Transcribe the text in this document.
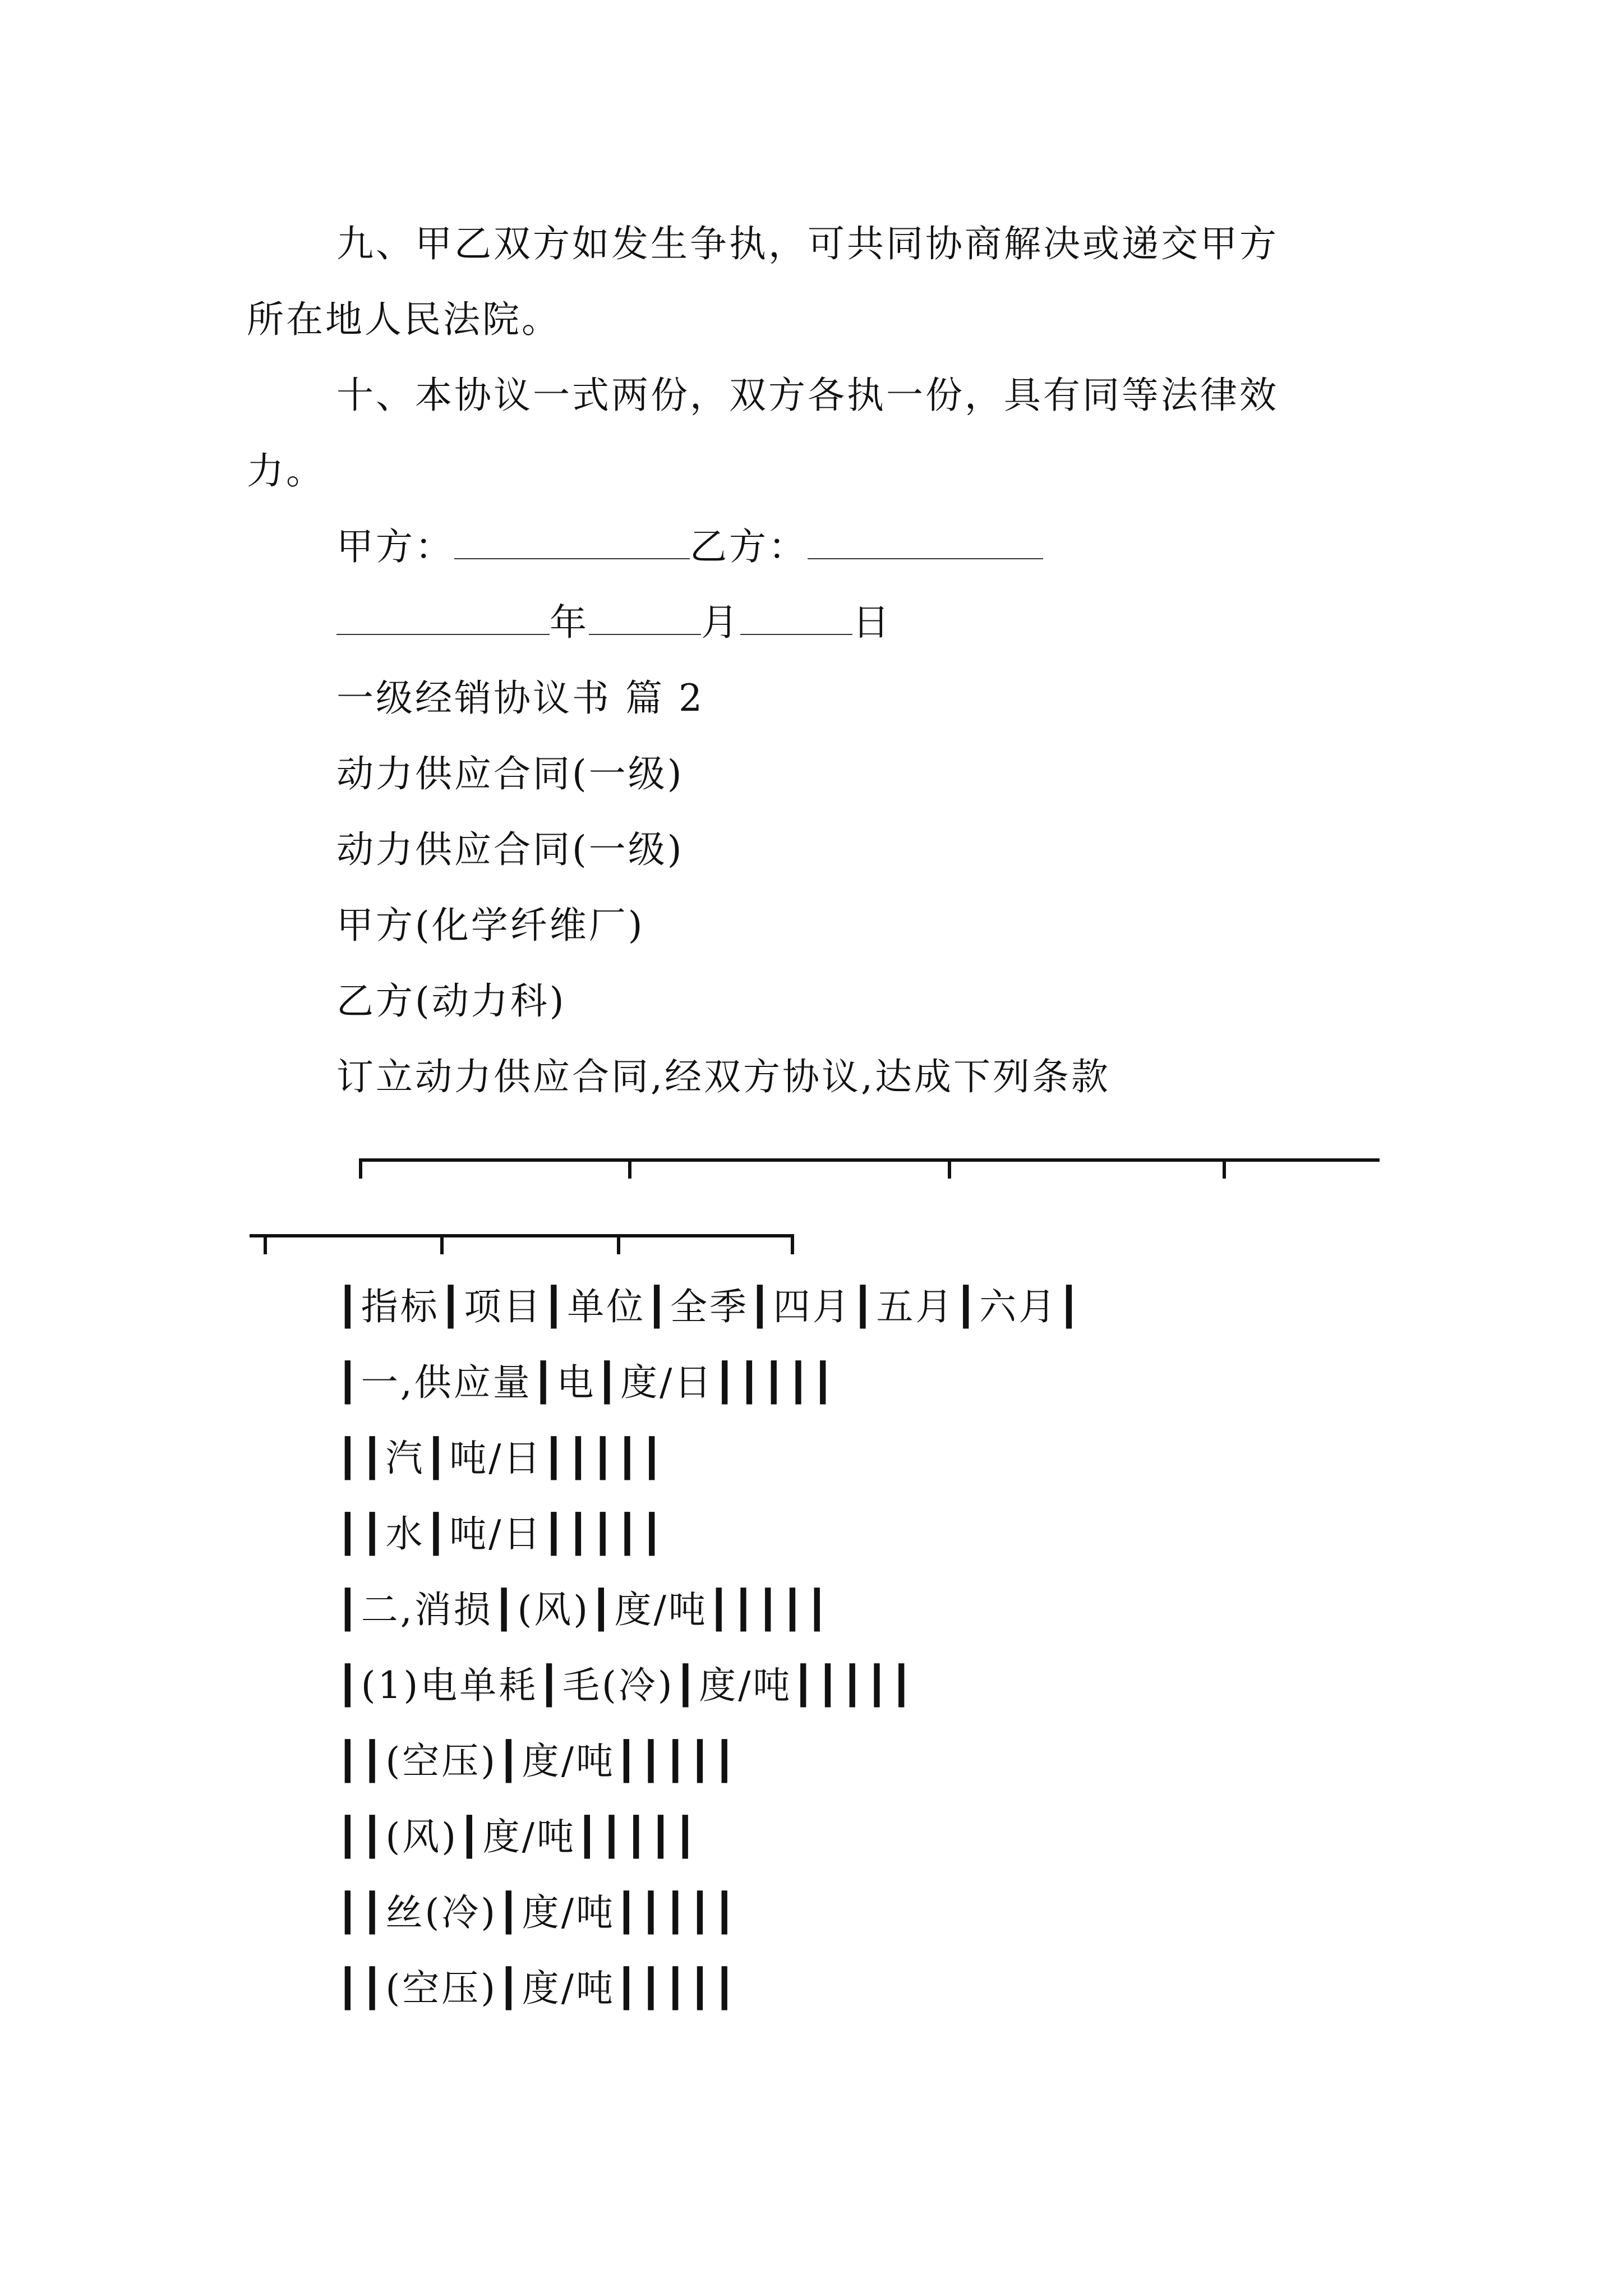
九、甲乙双方如发生争执，可共同协商解决或递交甲方
所在地人民法院。
十、本协议一式两份，双方各执一份，具有同等法律效
力。
甲方：	乙方：
年	月	日
一级经销协议书 篇 2
动力供应合同(一级)
动力供应合同(一级)
甲方(化学纤维厂)
乙方(动力科)
订立动力供应合同,经双方协议,达成下列条款
┃指标┃项目┃单位┃全季┃四月┃五月┃六月┃
┃一,供应量┃电┃度/日┃┃┃┃┃
┃┃汽┃吨/日┃┃┃┃┃
┃┃水┃吨/日┃┃┃┃┃
┃二,消损┃(风)┃度/吨┃┃┃┃┃
┃(1)电单耗┃毛(冷)┃度/吨┃┃┃┃┃
┃┃(空压)┃度/吨┃┃┃┃┃
┃┃(风)┃度/吨┃┃┃┃┃
┃┃丝(冷)┃度/吨┃┃┃┃┃
┃┃(空压)┃度/吨┃┃┃┃┃
